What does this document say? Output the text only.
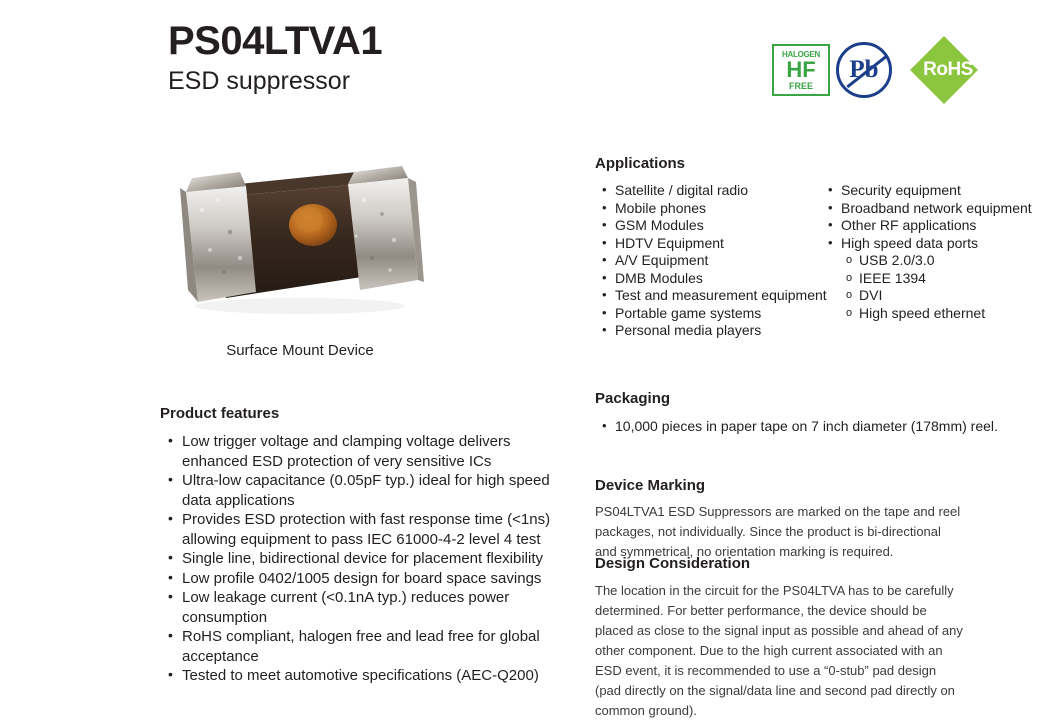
PS04LTVA1
ESD suppressor
HALOGEN
HF
FREE
Pb RoHS
Surface Mount Device
Product features
• Low trigger voltage and clamping voltage delivers enhanced ESD protection of very sensitive ICs
• Ultra-low capacitance (0.05pF typ.) ideal for high speed data applications
• Provides ESD protection with fast response time (<1ns) allowing equipment to pass IEC 61000-4-2 level 4 test
• Single line, bidirectional device for placement flexibility
• Low profile 0402/1005 design for board space savings
• Low leakage current (<0.1nA typ.) reduces power consumption
• RoHS compliant, halogen free and lead free for global acceptance
• Tested to meet automotive specifications (AEC-Q200)
Applications
• Satellite / digital radio
• Mobile phones
• GSM Modules
• HDTV Equipment
• A/V Equipment
• DMB Modules
• Test and measurement equipment
• Portable game systems
• Personal media players
• Security equipment
• Broadband network equipment
• Other RF applications
• High speed data ports
o USB 2.0/3.0
o IEEE 1394
o DVI
o High speed ethernet
Packaging
• 10,000 pieces in paper tape on 7 inch diameter (178mm) reel.
Device Marking
PS04LTVA1 ESD Suppressors are marked on the tape and reel packages, not individually. Since the product is bi-directional and symmetrical, no orientation marking is required.
Design Consideration
The location in the circuit for the PS04LTVA has to be carefully determined. For better performance, the device should be placed as close to the signal input as possible and ahead of any other component. Due to the high current associated with an ESD event, it is recommended to use a “0-stub” pad design (pad directly on the signal/data line and second pad directly on common ground).
